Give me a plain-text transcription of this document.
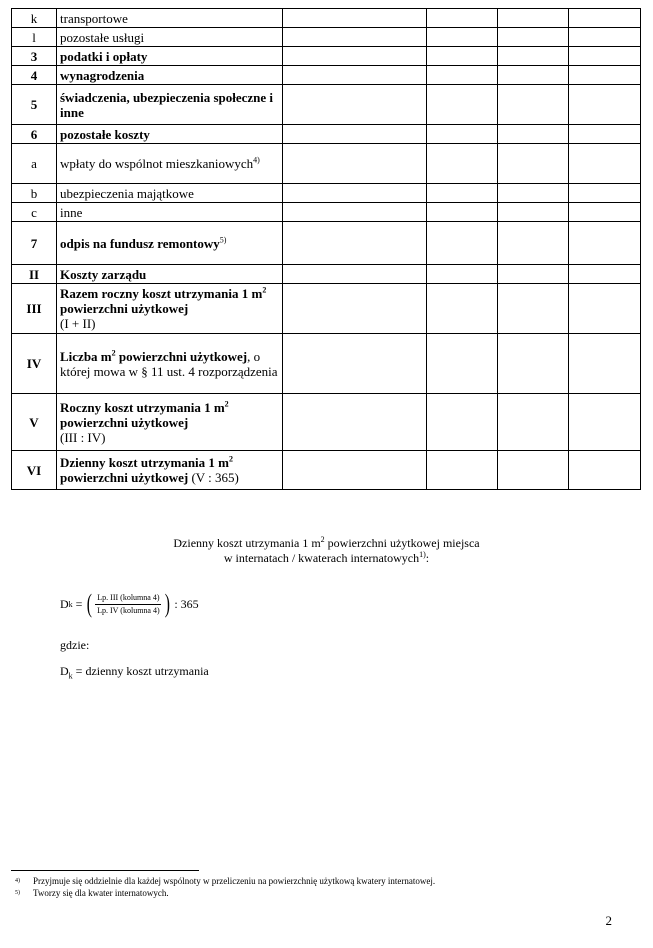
k	transportowe				
l	pozostałe usługi				
3	podatki i opłaty				
4	wynagrodzenia				
5	świadczenia, ubezpieczenia społeczne i inne				
6	pozostałe koszty				
a	wpłaty do wspólnot mieszkaniowych$^{4)}$				
b	ubezpieczenia majątkowe				
c	inne				
7	odpis na fundusz remontowy$^{5)}$				
II	Koszty zarządu				
III	Razem roczny koszt utrzymania 1 $m^2$ powierzchni użytkowej
(I + II)				
IV	Liczba $m^2$ powierzchni użytkowej, o której mowa w § 11 ust. 4 rozporządzenia				
V	Roczny koszt utrzymania 1 $m^2$ powierzchni użytkowej
(III : IV)				
VI	Dzienny koszt utrzymania 1 $m^2$ powierzchni użytkowej (V : 365)				
Dzienny koszt utrzymania 1 $m^2$ powierzchni użytkowej miejsca
w internatach / kwaterach internatowych$^{1)}$:
D k = ( $\frac{\text{Lp. III (kolumna 4)}}{\text{Lp. IV (kolumna 4)}}$ ) : 365
gdzie:
$D_k$ = dzienny koszt utrzymania
4) Przyjmuje się oddzielnie dla każdej wspólnoty w przeliczeniu na powierzchnię użytkową kwatery internatowej.
5) Tworzy się dla kwater internatowych.
2
